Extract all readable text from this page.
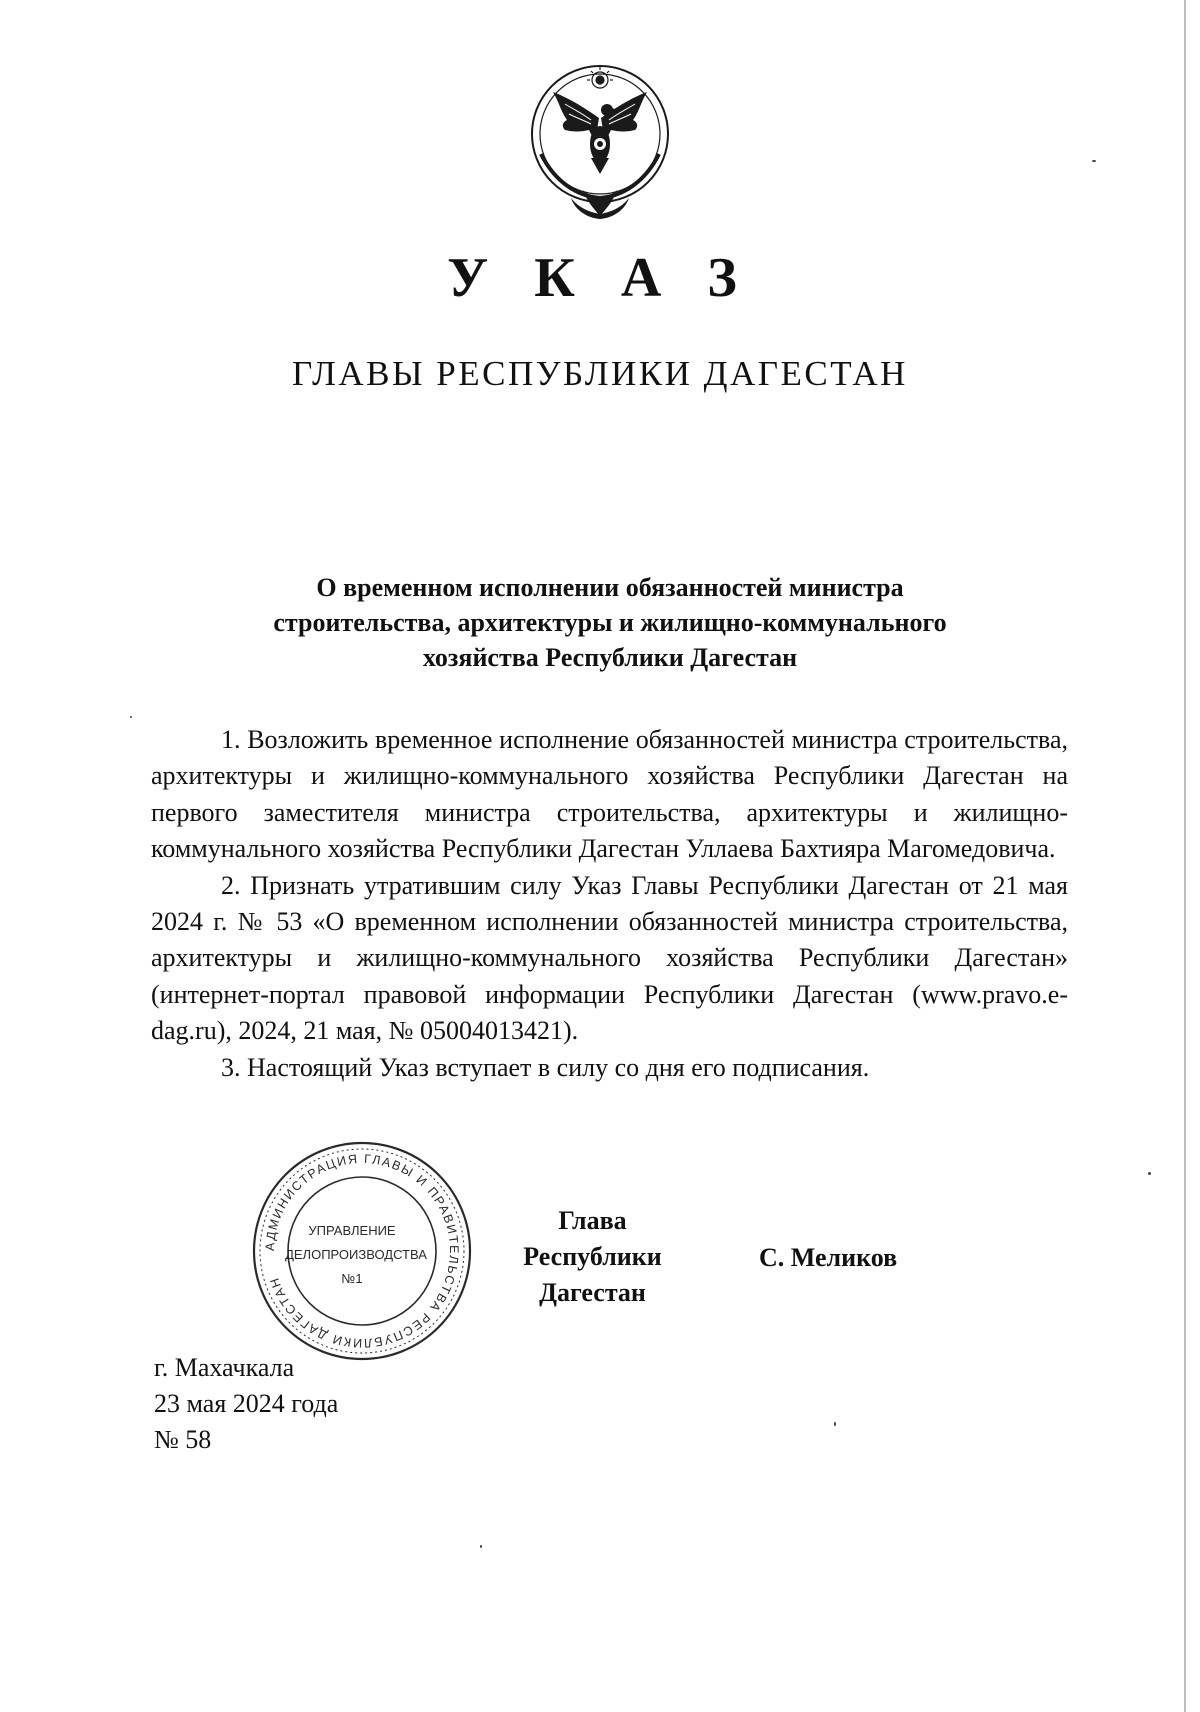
У К А З
ГЛАВЫ РЕСПУБЛИКИ ДАГЕСТАН
О временном исполнении обязанностей министра
строительства, архитектуры и жилищно-коммунального
хозяйства Республики Дагестан

1. Возложить временное исполнение обязанностей министра строительства, архитектуры и жилищно-коммунального хозяйства Республики Дагестан на первого заместителя министра строительства, архитектуры и жилищно-коммунального хозяйства Республики Дагестан Уллаева Бахтияра Магомедовича.

2. Признать утратившим силу Указ Главы Республики Дагестан от 21 мая 2024 г. № 53 «О временном исполнении обязанностей министра строительства, архитектуры и жилищно-коммунального хозяйства Республики Дагестан» (интернет-портал правовой информации Республики Дагестан (www.pravo.e-dag.ru), 2024, 21 мая, № 05004013421).

3. Настоящий Указ вступает в силу со дня его подписания.

АДМИНИСТРАЦИЯ ГЛАВЫ И ПРАВИТЕЛЬСТВА РЕСПУБЛИКИ ДАГЕСТАН
УПРАВЛЕНИЕ
ДЕЛОПРОИЗВОДСТВА
№1
Глава
Республики Дагестан
С. Меликов
г. Махачкала
23 мая 2024 года
№ 58
